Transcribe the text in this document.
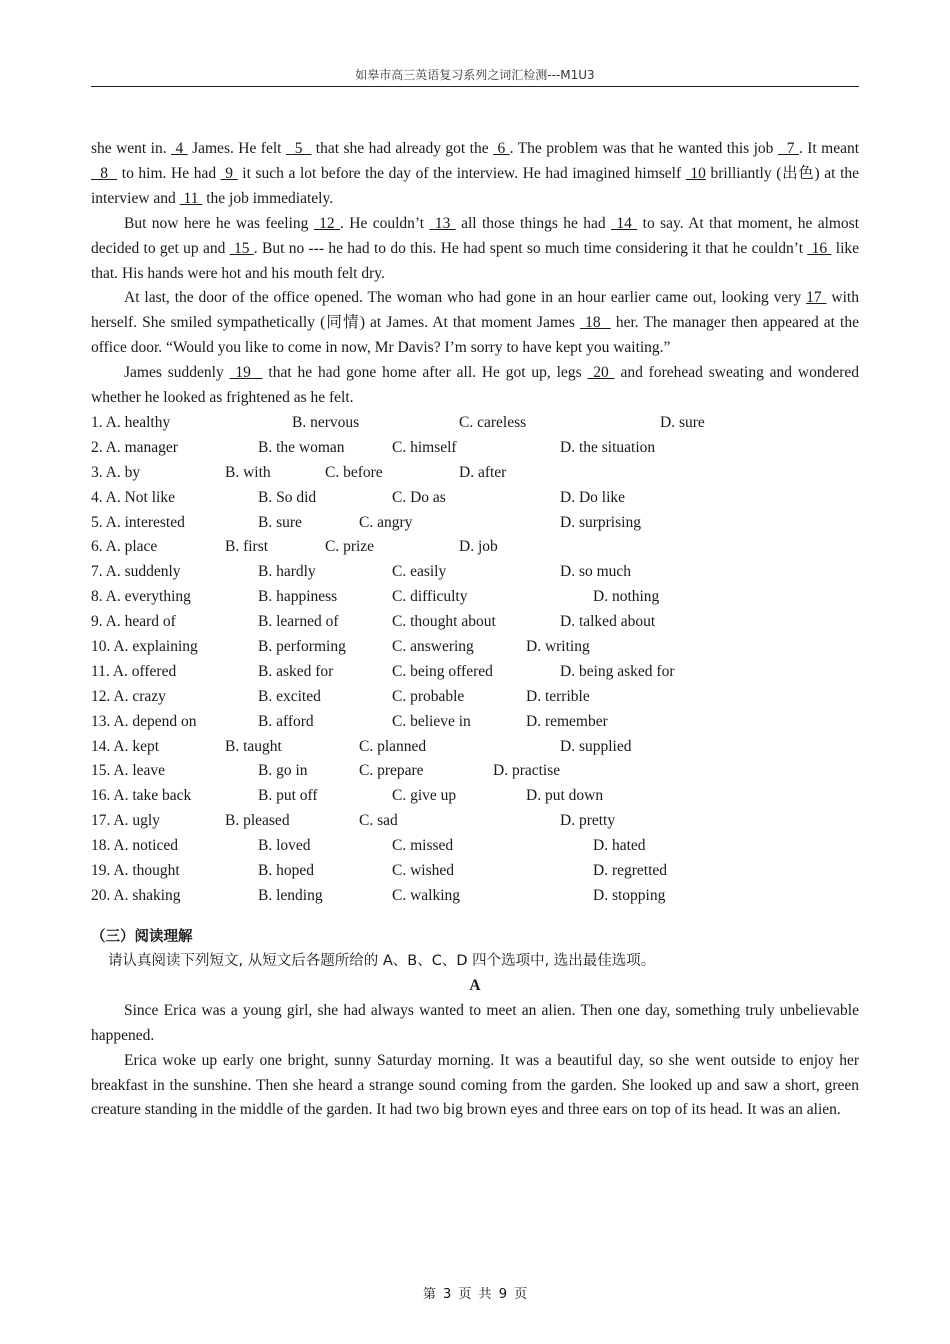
如皋市高三英语复习系列之词汇检测---M1U3

she went in.  4  James. He felt   5   that she had already got the  6 . The problem was that he wanted this job   7 . It meant   8   to him. He had  9  it such a lot before the day of the interview. He had imagined himself  10 brilliantly (出色) at the interview and  11  the job immediately.

But now here he was feeling  12 . He couldn’t  13  all those things he had  14  to say. At that moment, he almost decided to get up and  15 . But no --- he had to do this. He had spent so much time considering it that he couldn’t  16  like that. His hands were hot and his mouth felt dry.

At last, the door of the office opened. The woman who had gone in an hour earlier came out, looking very 17  with herself. She smiled sympathetically (同情) at James. At that moment James  18   her. The manager then appeared at the office door. “Would you like to come in now, Mr Davis? I’m sorry to have kept you waiting.”

James suddenly  19   that he had gone home after all. He got up, legs  20  and forehead sweating and wondered whether he looked as frightened as he felt.

1. A. healthy	B. nervous	C. careless	D. sure
2. A. manager	B. the woman	C. himself	D. the situation
3. A. by	B. with	C. before	D. after
4. A. Not like	B. So did	C. Do as	D. Do like
5. A. interested	B. sure	C. angry	D. surprising
6. A. place	B. first	C. prize	D. job
7. A. suddenly	B. hardly	C. easily	D. so much
8. A. everything	B. happiness	C. difficulty	D. nothing
9. A. heard of	B. learned of	C. thought about	D. talked about
10. A. explaining	B. performing	C. answering	D. writing
11. A. offered	B. asked for	C. being offered	D. being asked for
12. A. crazy	B. excited	C. probable	D. terrible
13. A. depend on	B. afford	C. believe in	D. remember
14. A. kept	B. taught	C. planned	D. supplied
15. A. leave	B. go in	C. prepare	D. practise
16. A. take back	B. put off	C. give up	D. put down
17. A. ugly	B. pleased	C. sad	D. pretty
18. A. noticed	B. loved	C. missed	D. hated
19. A. thought	B. hoped	C. wished	D. regretted
20. A. shaking	B. lending	C. walking	D. stopping
（三）阅读理解
请认真阅读下列短文, 从短文后各题所给的 A、B、C、D 四个选项中, 选出最佳选项。
A

Since Erica was a young girl, she had always wanted to meet an alien. Then one day, something truly unbelievable happened.

Erica woke up early one bright, sunny Saturday morning. It was a beautiful day, so she went outside to enjoy her breakfast in the sunshine. Then she heard a strange sound coming from the garden. She looked up and saw a short, green creature standing in the middle of the garden. It had two big brown eyes and three ears on top of its head. It was an alien.

第 3 页 共 9 页
